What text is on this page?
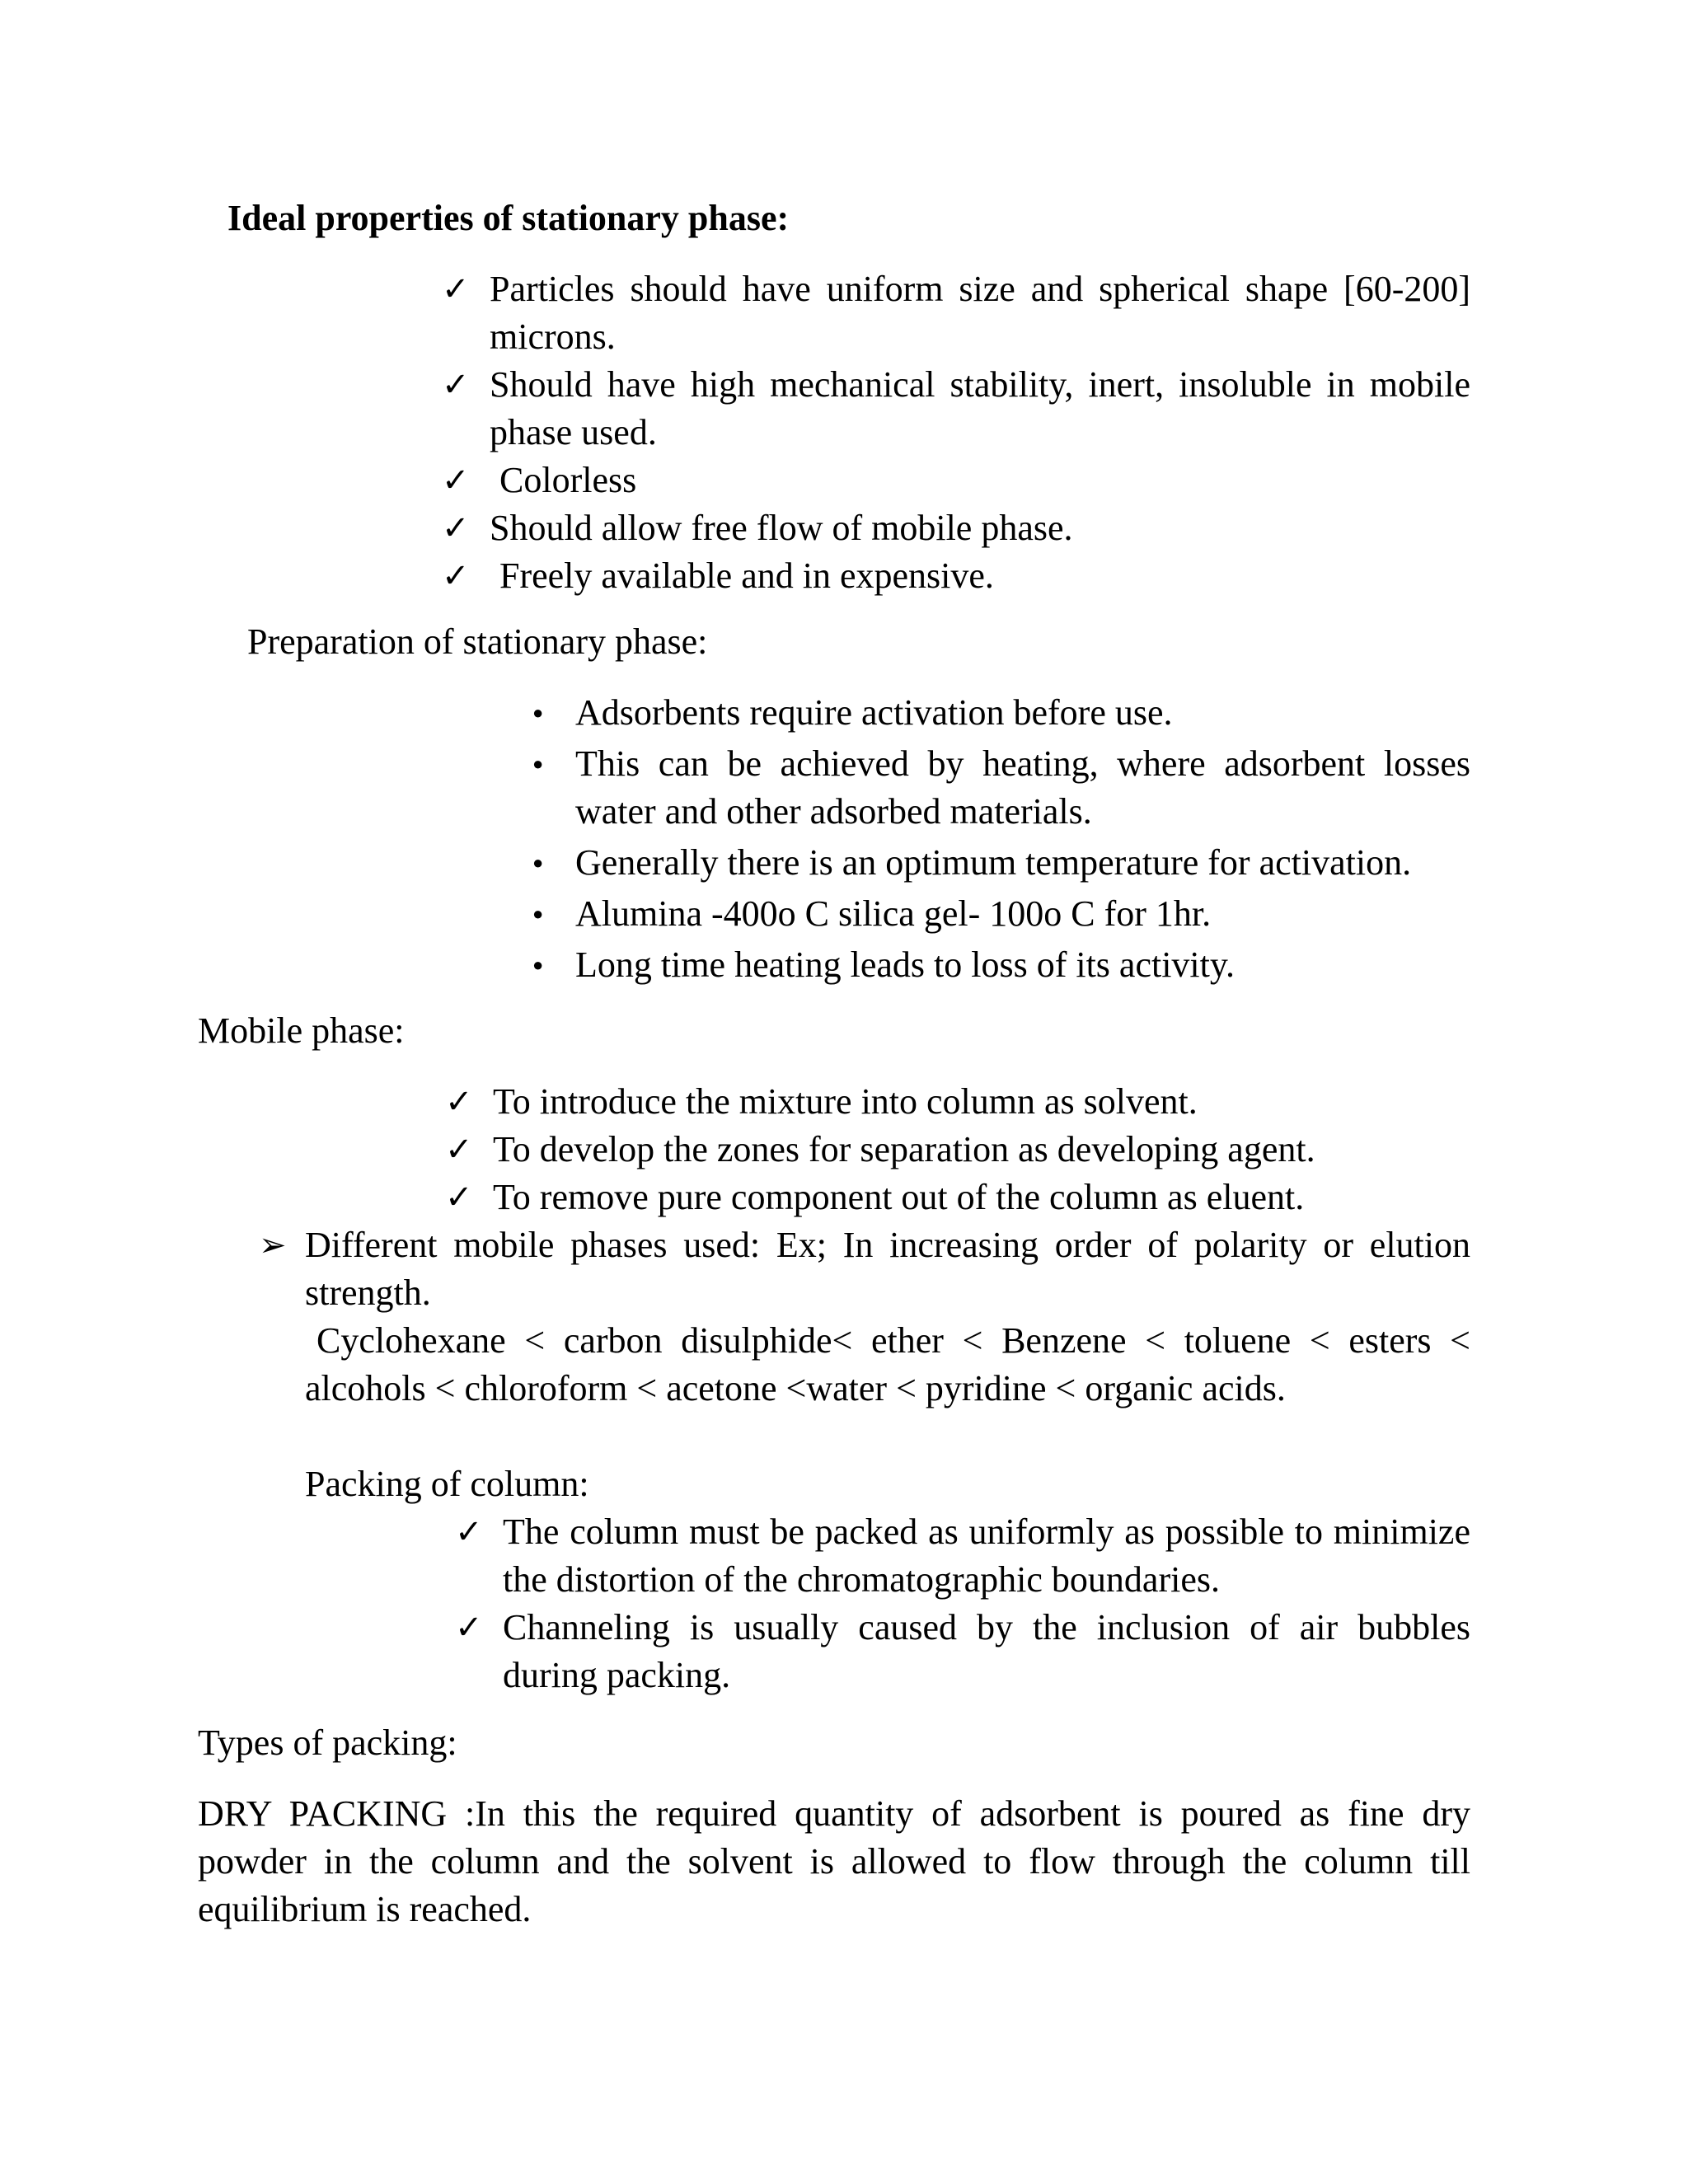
Ideal properties of stationary phase:
✓ Particles should have uniform size and spherical shape [60-200] microns.
✓ Should have high mechanical stability, inert, insoluble in mobile phase used.
✓ Colorless
✓ Should allow free flow of mobile phase.
✓ Freely available and in expensive.
Preparation of stationary phase:
● Adsorbents require activation before use.
● This can be achieved by heating, where adsorbent losses water and other adsorbed materials.
● Generally there is an optimum temperature for activation.
● Alumina -400o C silica gel- 100o C for 1hr.
● Long time heating leads to loss of its activity.
Mobile phase:
✓ To introduce the mixture into column as solvent.
✓ To develop the zones for separation as developing agent.
✓ To remove pure component out of the column as eluent.
➢ Different mobile phases used: Ex; In increasing order of polarity or elution strength.

Cyclohexane < carbon disulphide< ether < Benzene < toluene < esters < alcohols < chloroform < acetone <water < pyridine < organic acids.

Packing of column:
✓ The column must be packed as uniformly as possible to minimize the distortion of the chromatographic boundaries.
✓ Channeling is usually caused by the inclusion of air bubbles during packing.
Types of packing:

DRY PACKING :In this the required quantity of adsorbent is poured as fine dry powder in the column and the solvent is allowed to flow through the column till equilibrium is reached.
